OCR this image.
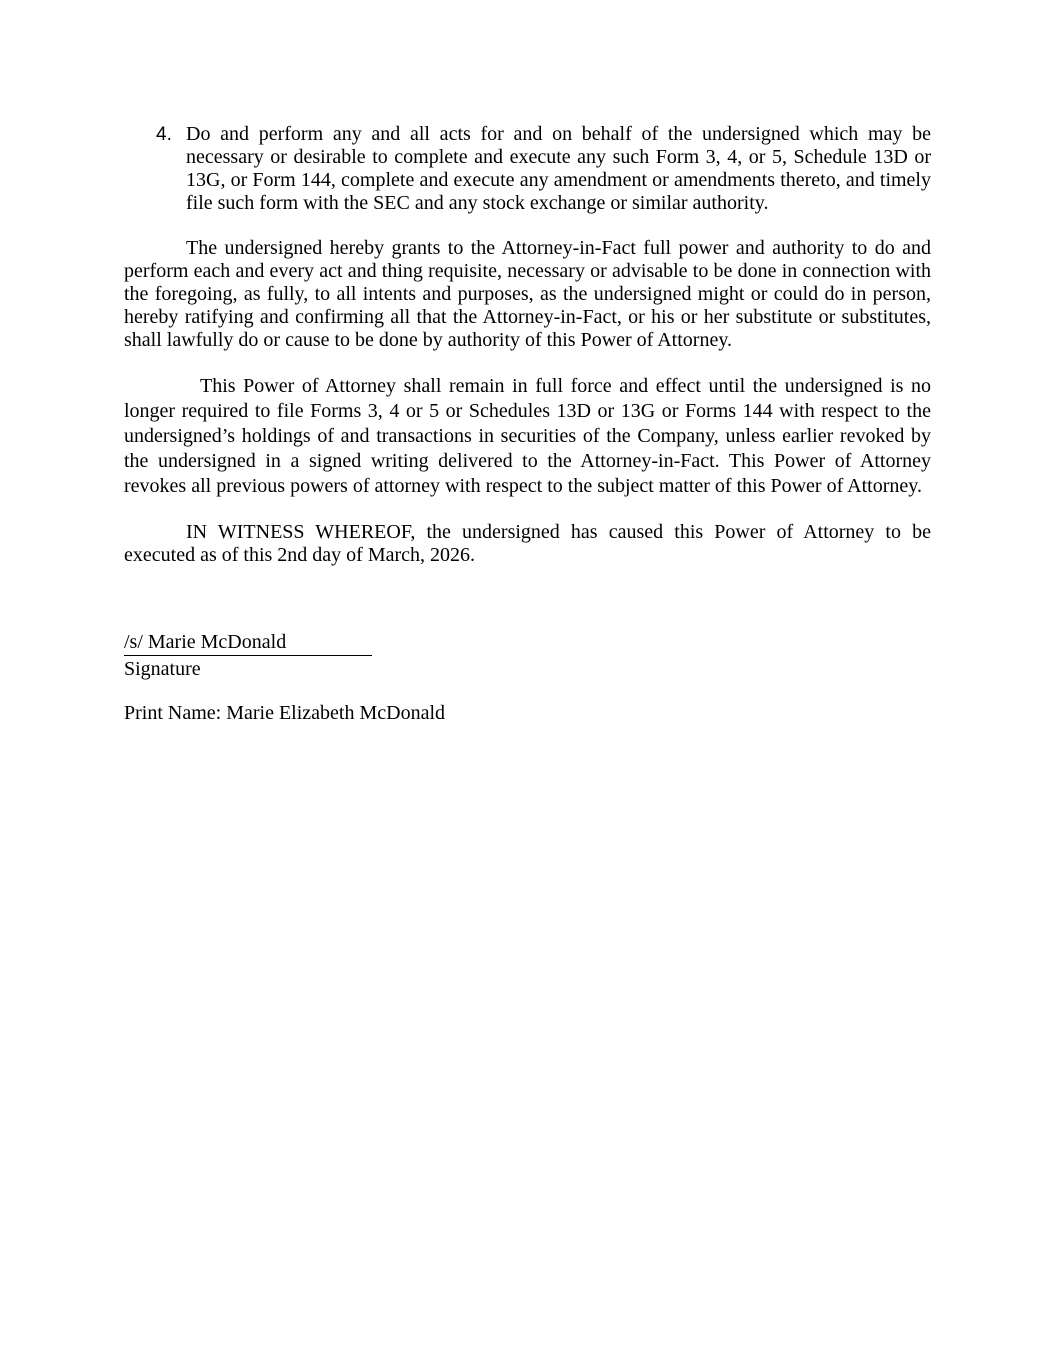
4. Do and perform any and all acts for and on behalf of the undersigned which may be necessary or desirable to complete and execute any such Form 3, 4, or 5, Schedule 13D or 13G, or Form 144, complete and execute any amendment or amendments thereto, and timely file such form with the SEC and any stock exchange or similar authority.

The undersigned hereby grants to the Attorney-in-Fact full power and authority to do and perform each and every act and thing requisite, necessary or advisable to be done in connection with the foregoing, as fully, to all intents and purposes, as the undersigned might or could do in person, hereby ratifying and confirming all that the Attorney-in-Fact, or his or her substitute or substitutes, shall lawfully do or cause to be done by authority of this Power of Attorney.

This Power of Attorney shall remain in full force and effect until the undersigned is no longer required to file Forms 3, 4 or 5 or Schedules 13D or 13G or Forms 144 with respect to the undersigned’s holdings of and transactions in securities of the Company, unless earlier revoked by the undersigned in a signed writing delivered to the Attorney-in-Fact. This Power of Attorney revokes all previous powers of attorney with respect to the subject matter of this Power of Attorney.

IN WITNESS WHEREOF, the undersigned has caused this Power of Attorney to be executed as of this 2nd day of March, 2026.

/s/ Marie McDonald
Signature
Print Name: Marie Elizabeth McDonald
